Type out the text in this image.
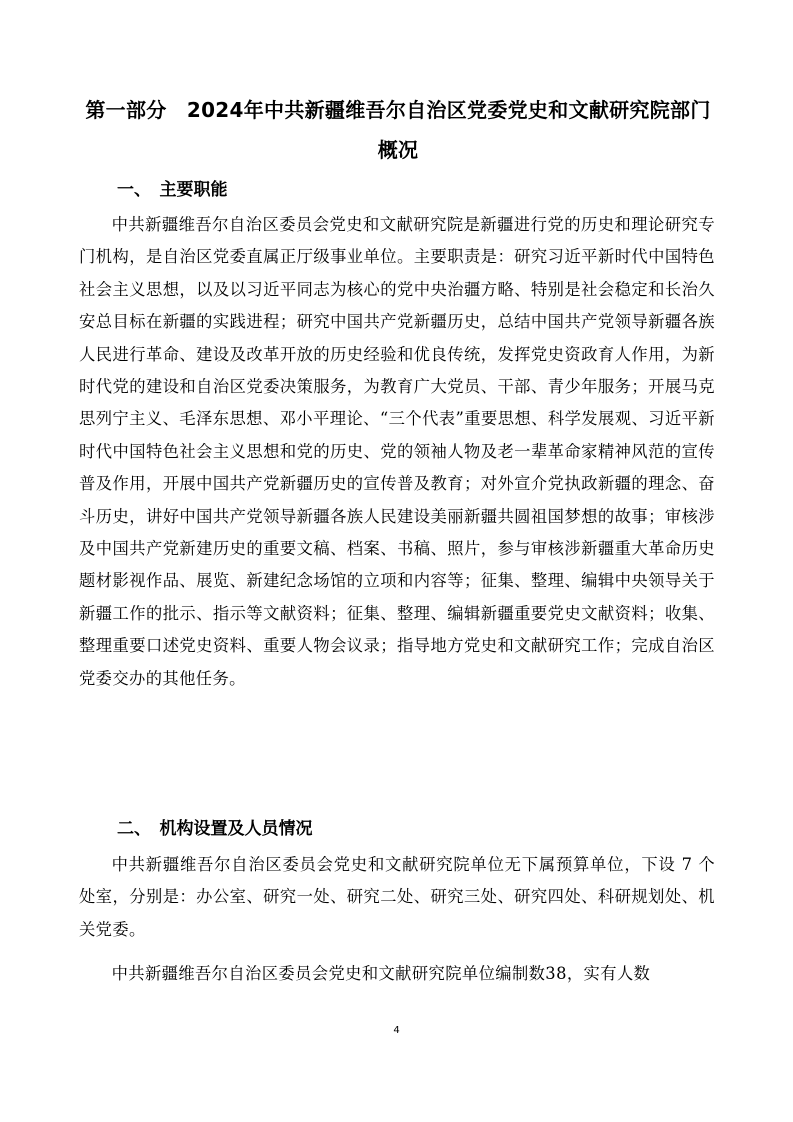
第一部分　2024年中共新疆维吾尔自治区党委党史和文献研究院部门概况
一、　主要职能

中共新疆维吾尔自治区委员会党史和文献研究院是新疆进行党的历史和理论研究专门机构，是自治区党委直属正厅级事业单位。主要职责是：研究习近平新时代中国特色社会主义思想，以及以习近平同志为核心的党中央治疆方略、特别是社会稳定和长治久安总目标在新疆的实践进程；研究中国共产党新疆历史，总结中国共产党领导新疆各族人民进行革命、建设及改革开放的历史经验和优良传统，发挥党史资政育人作用，为新时代党的建设和自治区党委决策服务，为教育广大党员、干部、青少年服务；开展马克思列宁主义、毛泽东思想、邓小平理论、“三个代表”重要思想、科学发展观、习近平新时代中国特色社会主义思想和党的历史、党的领袖人物及老一辈革命家精神风范的宣传普及作用，开展中国共产党新疆历史的宣传普及教育；对外宣介党执政新疆的理念、奋斗历史，讲好中国共产党领导新疆各族人民建设美丽新疆共圆祖国梦想的故事；审核涉及中国共产党新建历史的重要文稿、档案、书稿、照片，参与审核涉新疆重大革命历史题材影视作品、展览、新建纪念场馆的立项和内容等；征集、整理、编辑中央领导关于新疆工作的批示、指示等文献资料；征集、整理、编辑新疆重要党史文献资料；收集、整理重要口述党史资料、重要人物会议录；指导地方党史和文献研究工作；完成自治区党委交办的其他任务。

二、　机构设置及人员情况

中共新疆维吾尔自治区委员会党史和文献研究院单位无下属预算单位，下设 7 个处室，分别是：办公室、研究一处、研究二处、研究三处、研究四处、科研规划处、机关党委。

中共新疆维吾尔自治区委员会党史和文献研究院单位编制数38，实有人数

4
